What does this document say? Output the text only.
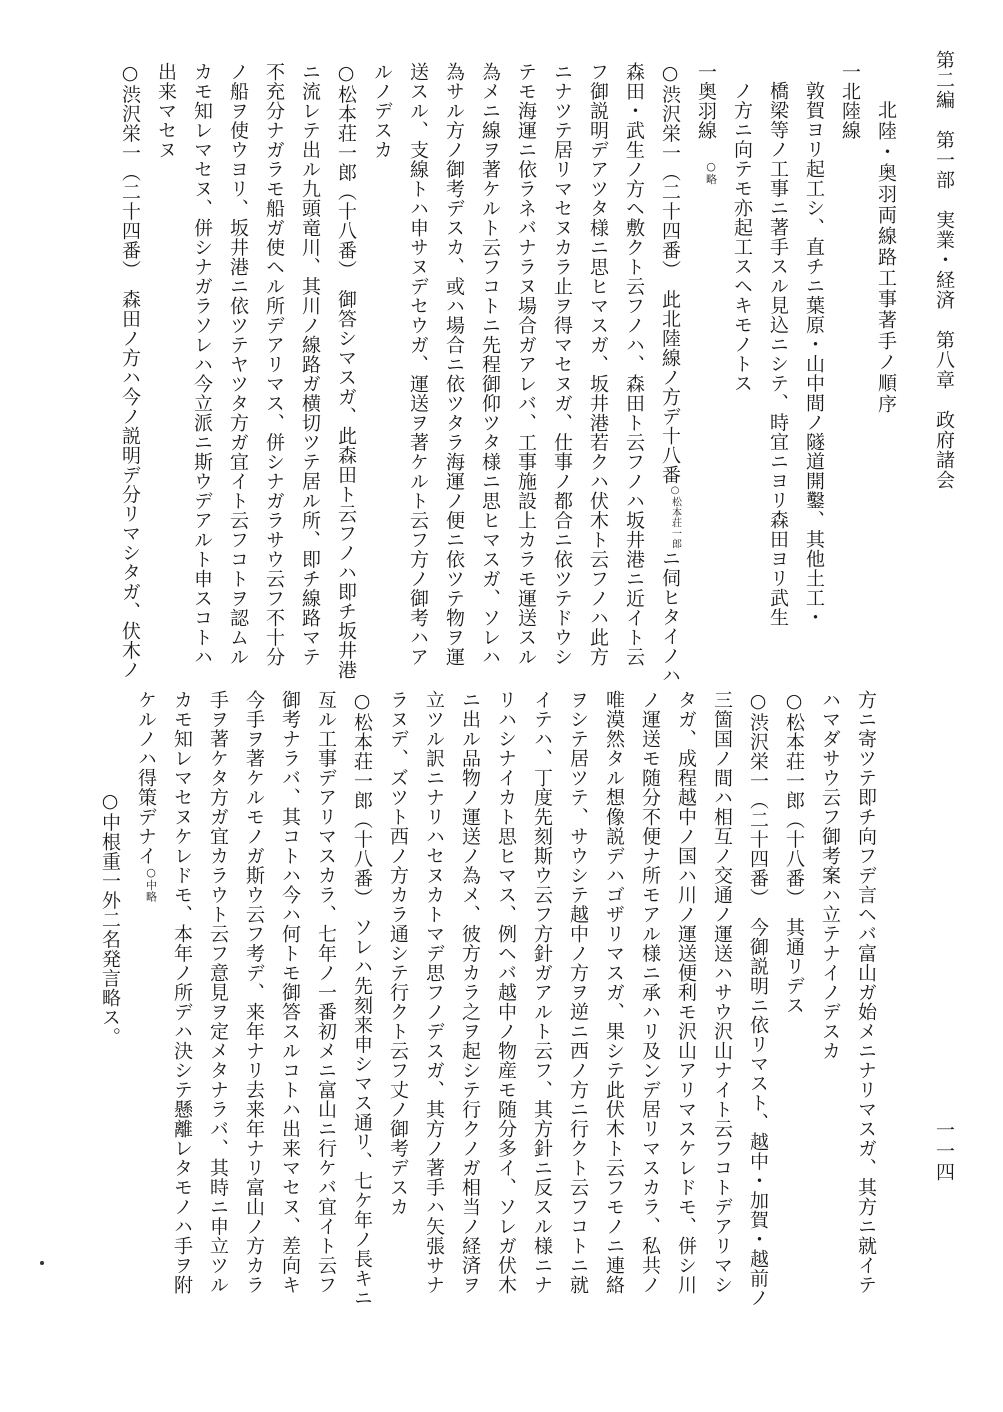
第二編　第一部　実業・経済　第八章　政府諸会
一一四
北陸・奥羽両線路工事著手ノ順序
一北陸線
敦賀ヨリ起工シ、直チニ葉原・山中間ノ隧道開鑿、其他土工・
橋梁等ノ工事ニ著手スル見込ニシテ、時宜ニヨリ森田ヨリ武生
ノ方ニ向テモ亦起工スヘキモノトス
一奥羽線　○略
○渋沢栄一（二十四番）　此北陸線ノ方デ十八番○松本荘一郎ニ伺ヒタイノハ
森田・武生ノ方ヘ敷クト云フノハ、森田ト云フノハ坂井港ニ近イト云
フ御説明デアツタ様ニ思ヒマスガ、坂井港若クハ伏木ト云フノハ此方
ニナツテ居リマセヌカラ止ヲ得マセヌガ、仕事ノ都合ニ依ツテドウシ
テモ海運ニ依ラネバナラヌ場合ガアレバ、工事施設上カラモ運送スル
為メニ線ヲ著ケルト云フコトニ先程御仰ツタ様ニ思ヒマスガ、ソレハ
為サル方ノ御考デスカ、或ハ場合ニ依ツタラ海運ノ便ニ依ツテ物ヲ運
送スル、支線トハ申サヌデセウガ、運送ヲ著ケルト云フ方ノ御考ハア
ルノデスカ
○松本荘一郎（十八番）　御答シマスガ、此森田ト云フノハ即チ坂井港
ニ流レテ出ル九頭竜川、其川ノ線路ガ横切ツテ居ル所、即チ線路マテ
不充分ナガラモ船ガ使ヘル所デアリマス、併シナガラサウ云フ不十分
ノ船ヲ使ウヨリ、坂井港ニ依ツテヤツタ方ガ宜イト云フコトヲ認ムル
カモ知レマセヌ、併シナガラソレハ今立派ニ斯ウデアルト申スコトハ
出来マセヌ
○渋沢栄一（二十四番）　森田ノ方ハ今ノ説明デ分リマシタガ、伏木ノ
方ニ寄ツテ即チ向フデ言ヘバ富山ガ始メニナリマスガ、其方ニ就イテ
ハマダサウ云フ御考案ハ立テナイノデスカ
○松本荘一郎（十八番）　其通リデス
○渋沢栄一（二十四番）　今御説明ニ依リマスト、越中・加賀・越前ノ
三箇国ノ間ハ相互ノ交通ノ運送ハサウ沢山ナイト云フコトデアリマシ
タガ、成程越中ノ国ハ川ノ運送便利モ沢山アリマスケレドモ、併シ川
ノ運送モ随分不便ナ所モアル様ニ承ハリ及ンデ居リマスカラ、私共ノ
唯漠然タル想像説デハゴザリマスガ、果シテ此伏木ト云フモノニ連絡
ヲシテ居ツテ、サウシテ越中ノ方ヲ逆ニ西ノ方ニ行クト云フコトニ就
イテハ、丁度先刻斯ウ云フ方針ガアルト云フ、其方針ニ反スル様ニナ
リハシナイカト思ヒマス、例ヘバ越中ノ物産モ随分多イ、ソレガ伏木
ニ出ル品物ノ運送ノ為メ、彼方カラ之ヲ起シテ行クノガ相当ノ経済ヲ
立ツル訳ニナリハセヌカトマデ思フノデスガ、其方ノ著手ハ矢張サナ
ラヌデ、ズツト西ノ方カラ通シテ行クト云フ丈ノ御考デスカ
○松本荘一郎（十八番）　ソレハ先刻来申シマス通リ、七ケ年ノ長キニ
亙ル工事デアリマスカラ、七年ノ一番初メニ富山ニ行ケバ宜イト云フ
御考ナラバ、其コトハ今ハ何トモ御答スルコトハ出来マセヌ、差向キ
今手ヲ著ケルモノガ斯ウ云フ考デ、来年ナリ去来年ナリ富山ノ方カラ
手ヲ著ケタ方ガ宜カラウト云フ意見ヲ定メタナラバ、其時ニ申立ツル
カモ知レマセヌケレドモ、本年ノ所デハ決シテ懸離レタモノハ手ヲ附
ケルノハ得策デナイ○中略
○中根重一外二名発言略ス。
